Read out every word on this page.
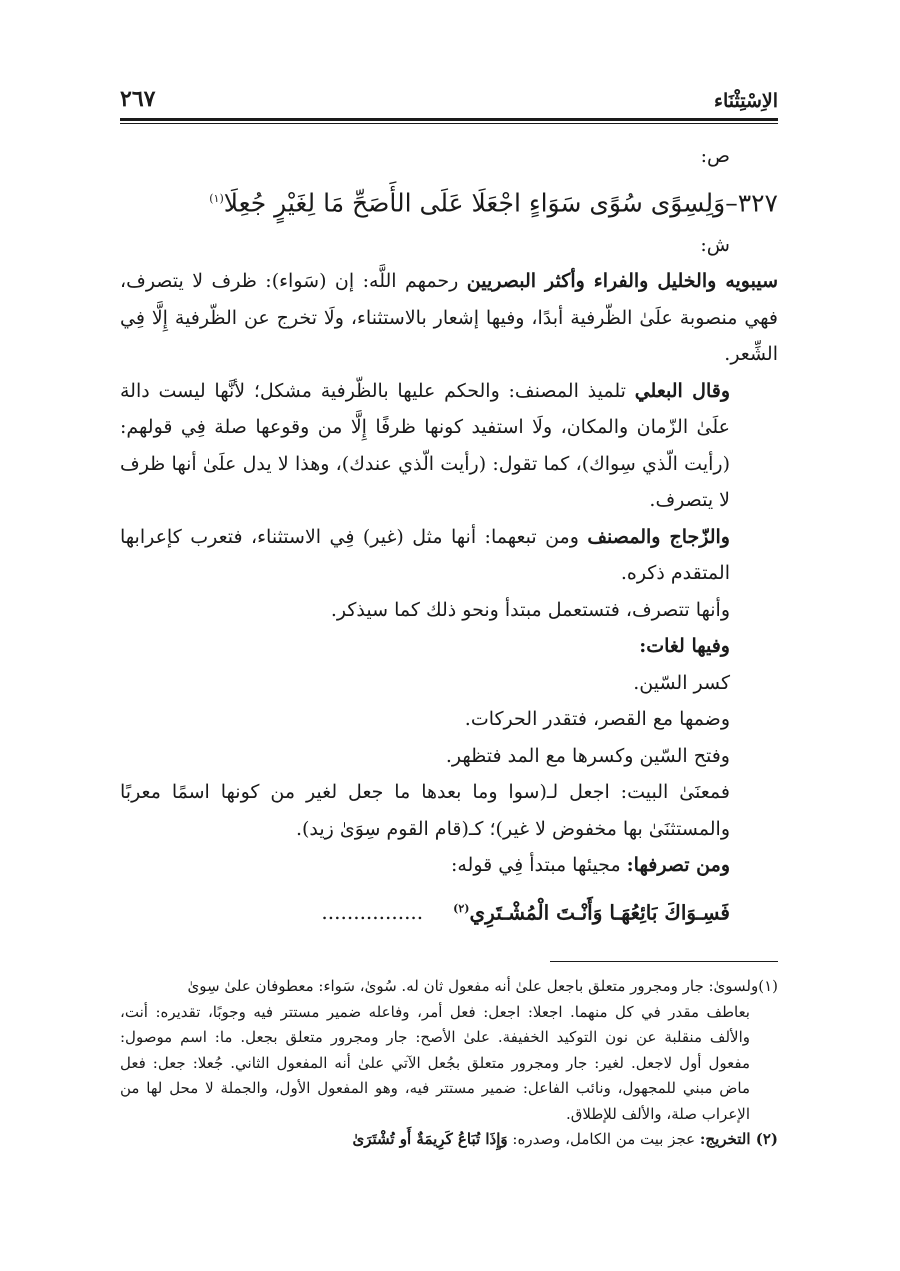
الاِسْتِثْنَاء
٢٦٧

ص:

٣٢٧–وَلِسِوًى سُوًى سَوَاءٍ اجْعَلَا عَلَى الأَصَحِّ مَا لِغَيْرٍ جُعِلَا$^{(١)}$

ش:

سيبويه والخليل والفراء وأكثر البصريين رحمهم اللَّه: إن (سَواء): ظرف لا يتصرف، فهي منصوبة علَىٰ الظّرفية أبدًا، وفيها إشعار بالاستثناء، ولَا تخرج عن الظّرفية إِلَّا فِي الشِّعر.

وقال البعلي تلميذ المصنف: والحكم عليها بالظّرفية مشكل؛ لأنَّها ليست دالة علَىٰ الزّمان والمكان، ولَا استفيد كونها ظرفًا إِلَّا من وقوعها صلة فِي قولهم: (رأيت الّذي سِواك)، كما تقول: (رأيت الّذي عندك)، وهذا لا يدل علَىٰ أنها ظرف لا يتصرف.

والزّجاج والمصنف ومن تبعهما: أنها مثل (غير) فِي الاستثناء، فتعرب كإعرابها المتقدم ذكره.

وأنها تتصرف، فتستعمل مبتدأ ونحو ذلك كما سيذكر.

وفيها لغات:

كسر السّين.

وضمها مع القصر، فتقدر الحركات.

وفتح السّين وكسرها مع المد فتظهر.

فمعنَىٰ البيت: اجعل لـ(سوا وما بعدها ما جعل لغير من كونها اسمًا معربًا والمستثنَىٰ بها مخفوض لا غير)؛ كـ(قام القوم سِوَىٰ زيد).

ومن تصرفها: مجيئها مبتدأ فِي قوله:

فَسِـوَاكَ بَائِعُهَـا وَأَنْـتَ الْمُشْـتَرِي$^{(٢)}$................

(١)ولسوىٰ: جار ومجرور متعلق باجعل علىٰ أنه مفعول ثان له. سُوىٰ، سَواء: معطوفان علىٰ سِوىٰ

بعاطف مقدر في كل منهما. اجعلا: اجعل: فعل أمر، وفاعله ضمير مستتر فيه وجوبًا، تقديره: أنت، والألف منقلبة عن نون التوكيد الخفيفة. علىٰ الأصح: جار ومجرور متعلق بجعل. ما: اسم موصول: مفعول أول لاجعل. لغير: جار ومجرور متعلق بجُعل الآتي علىٰ أنه المفعول الثاني. جُعلا: جعل: فعل ماض مبني للمجهول، ونائب الفاعل: ضمير مستتر فيه، وهو المفعول الأول، والجملة لا محل لها من الإعراب صلة، والألف للإطلاق.

(٢) التخريج: عجز بيت من الكامل، وصدره: وَإِذَا تُبَاعُ كَرِيمَةٌ أَو تُشْتَرَىٰ
